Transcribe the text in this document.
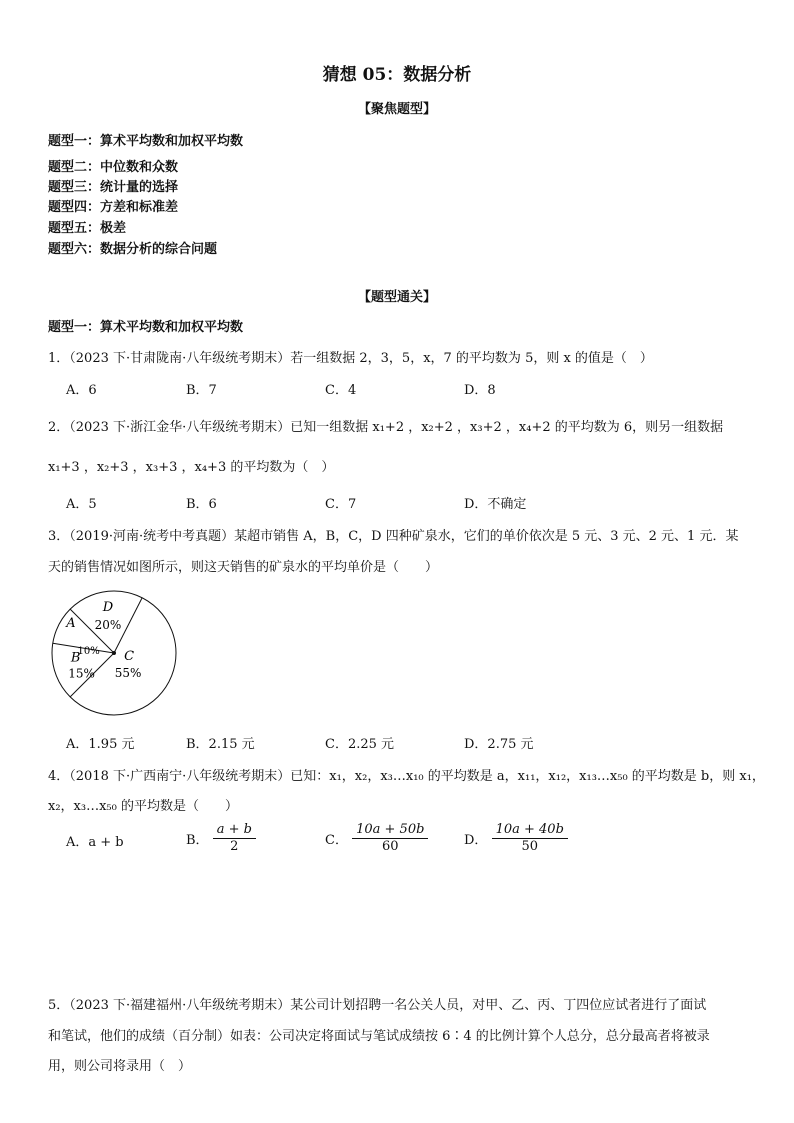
猜想 05：数据分析
【聚焦题型】
题型一：算术平均数和加权平均数
题型二：中位数和众数
题型三：统计量的选择
题型四：方差和标准差
题型五：极差
题型六：数据分析的综合问题
【题型通关】
题型一：算术平均数和加权平均数
1．（2023 下·甘肃陇南·八年级统考期末）若一组数据 2，3，5，x，7 的平均数为 5，则 x 的值是（　）
A．6	B．7	C．4	D．8
2．（2023 下·浙江金华·八年级统考期末）已知一组数据 x₁+2 ，x₂+2 ，x₃+2 ，x₄+2 的平均数为 6，则另一组数据
x₁+3 ，x₂+3 ，x₃+3 ，x₄+3 的平均数为（　）
A．5	B．6	C．7	D．不确定
3．（2019·河南·统考中考真题）某超市销售 A，B，C，D 四种矿泉水，它们的单价依次是 5 元、3 元、2 元、1 元．某
天的销售情况如图所示，则这天销售的矿泉水的平均单价是（　　）
A
10%
D
20%
C
55%
B
15%
A．1.95 元	B．2.15 元	C．2.25 元	D．2.75 元
4．（2018 下·广西南宁·八年级统考期末）已知：x₁，x₂，x₃…x₁₀ 的平均数是 a，x₁₁，x₁₂，x₁₃…x₅₀ 的平均数是 b，则 x₁，
x₂，x₃…x₅₀ 的平均数是（　　）
A．a + b	B． $\frac{a + b}{2}$	C． $\frac{10a + 50b}{60}$	D． $\frac{10a + 40b}{50}$
5．（2023 下·福建福州·八年级统考期末）某公司计划招聘一名公关人员，对甲、乙、丙、丁四位应试者进行了面试
和笔试，他们的成绩（百分制）如表：公司决定将面试与笔试成绩按 6∶4 的比例计算个人总分，总分最高者将被录
用，则公司将录用（　）
